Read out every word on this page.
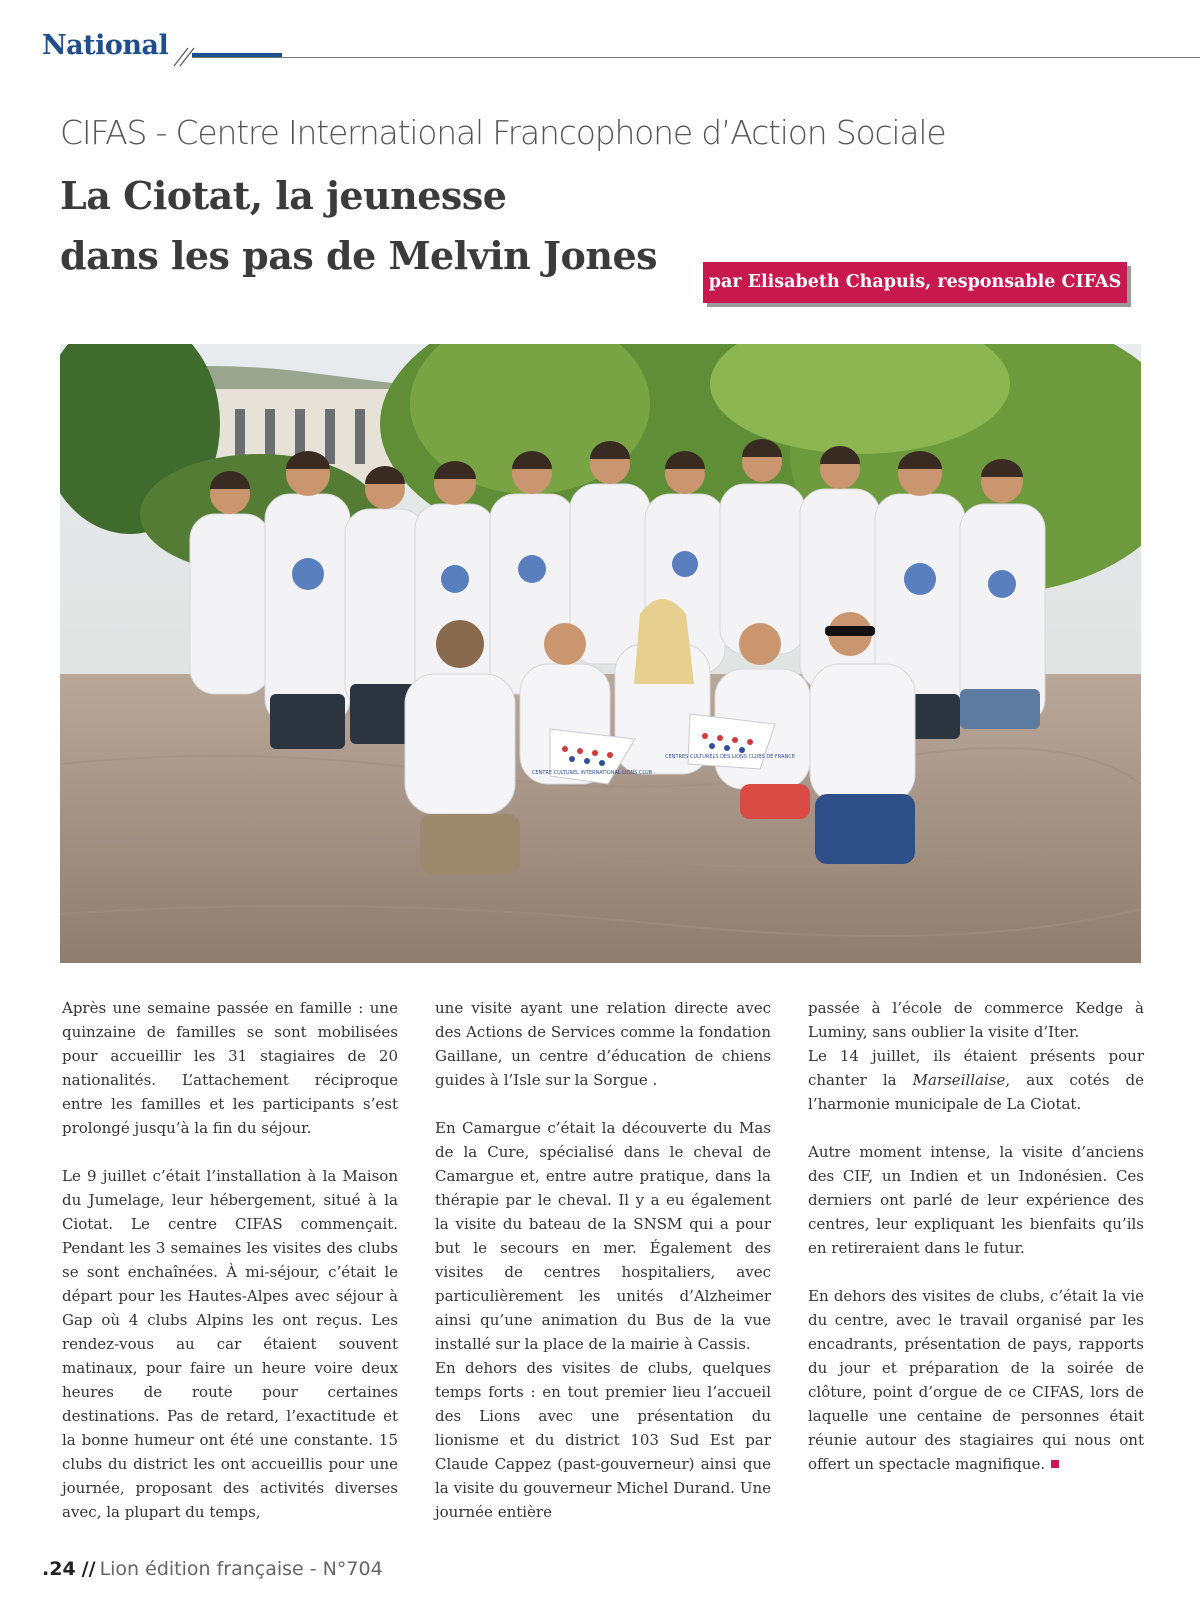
National
CIFAS - Centre International Francophone d’Action Sociale
La Ciotat, la jeunesse
dans les pas de Melvin Jones
par Elisabeth Chapuis, responsable CIFAS
CENTRE CULTUREL INTERNATIONAL LIONS CLUB
CENTRES CULTURELS DES LIONS CLUBS DE FRANCE

Après une semaine passée en famille : une quinzaine de familles se sont mobilisées pour accueillir les 31 stagiaires de 20 nationalités. L’attachement réciproque entre les familles et les participants s’est prolongé jusqu’à la fin du séjour.

Le 9 juillet c’était l’installation à la Maison du Jumelage, leur hébergement, situé à la Ciotat. Le centre CIFAS commençait. Pendant les 3 semaines les visites des clubs se sont enchaînées. À mi-séjour, c’était le départ pour les Hautes-Alpes avec séjour à Gap où 4 clubs Alpins les ont reçus. Les rendez-vous au car étaient souvent matinaux, pour faire un heure voire deux heures de route pour certaines destinations. Pas de retard, l’exactitude et la bonne humeur ont été une constante. 15 clubs du district les ont accueillis pour une journée, proposant des activités diverses avec, la plupart du temps,

une visite ayant une relation directe avec des Actions de Services comme la fondation Gaillane, un centre d’éducation de chiens guides à l’Isle sur la Sorgue .

En Camargue c’était la découverte du Mas de la Cure, spécialisé dans le cheval de Camargue et, entre autre pratique, dans la thérapie par le cheval. Il y a eu également la visite du bateau de la SNSM qui a pour but le secours en mer. Également des visites de centres hospitaliers, avec particulièrement les unités d’Alzheimer ainsi qu’une animation du Bus de la vue installé sur la place de la mairie à Cassis.

En dehors des visites de clubs, quelques temps forts : en tout premier lieu l’accueil des Lions avec une présentation du lionisme et du district 103 Sud Est par Claude Cappez (past-gouverneur) ainsi que la visite du gouverneur Michel Durand. Une journée entière

passée à l’école de commerce Kedge à Luminy, sans oublier la visite d’Iter.

Le 14 juillet, ils étaient présents pour chanter la Marseillaise, aux cotés de l’harmonie municipale de La Ciotat.

Autre moment intense, la visite d’anciens des CIF, un Indien et un Indonésien. Ces derniers ont parlé de leur expérience des centres, leur expliquant les bienfaits qu’ils en retireraient dans le futur.

En dehors des visites de clubs, c’était la vie du centre, avec le travail organisé par les encadrants, présentation de pays, rapports du jour et préparation de la soirée de clôture, point d’orgue de ce CIFAS, lors de laquelle une centaine de personnes était réunie autour des stagiaires qui nous ont offert un spectacle magnifique.

.24 // Lion édition française - N°704
